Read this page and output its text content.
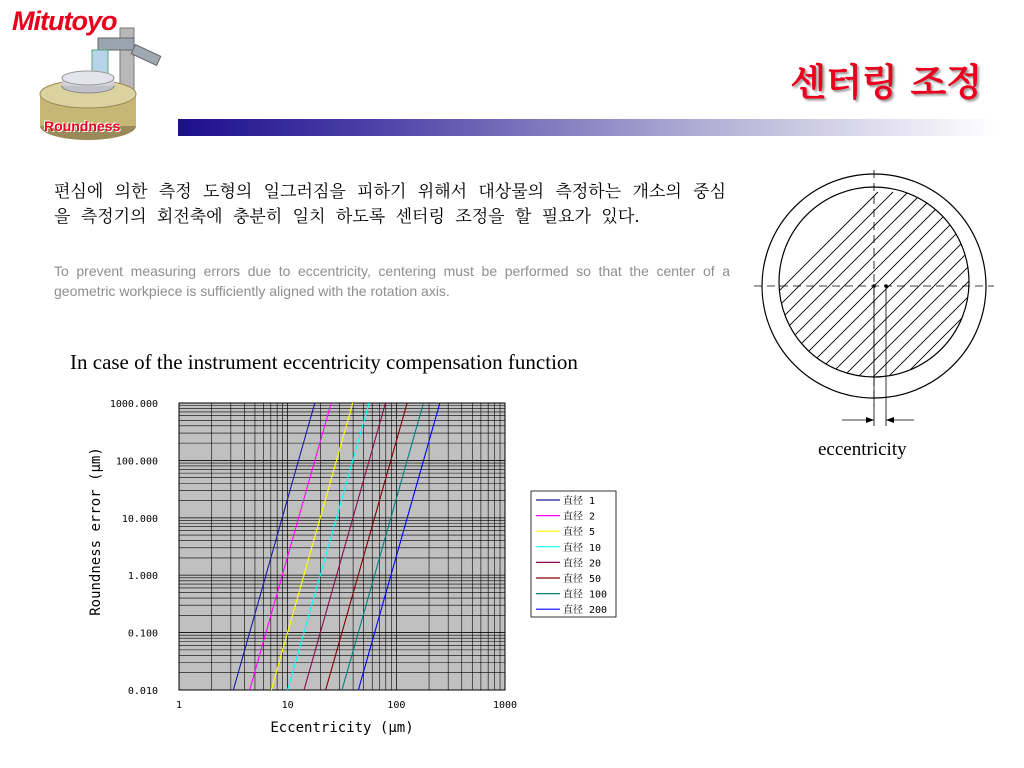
Mitutoyo
Roundness
센터링 조정
편심에 의한 측정 도형의 일그러짐을 피하기 위해서 대상물의 측정하는 개소의 중심을 측정기의 회전축에 충분히 일치 하도록 센터링 조정을 할 필요가 있다.
To prevent measuring errors due to eccentricity, centering must be performed so that the center of a geometric workpiece is sufficiently aligned with the rotation axis.
eccentricity
In case of the instrument eccentricity compensation function
1000.000
100.000
10.000
1.000
0.100
0.010
1	10	100	1000
Eccentricity (μm)
Roundness error (μm)	直径 1
直径 2
直径 5
直径 10
直径 20
直径 50
直径 100
直径 200
